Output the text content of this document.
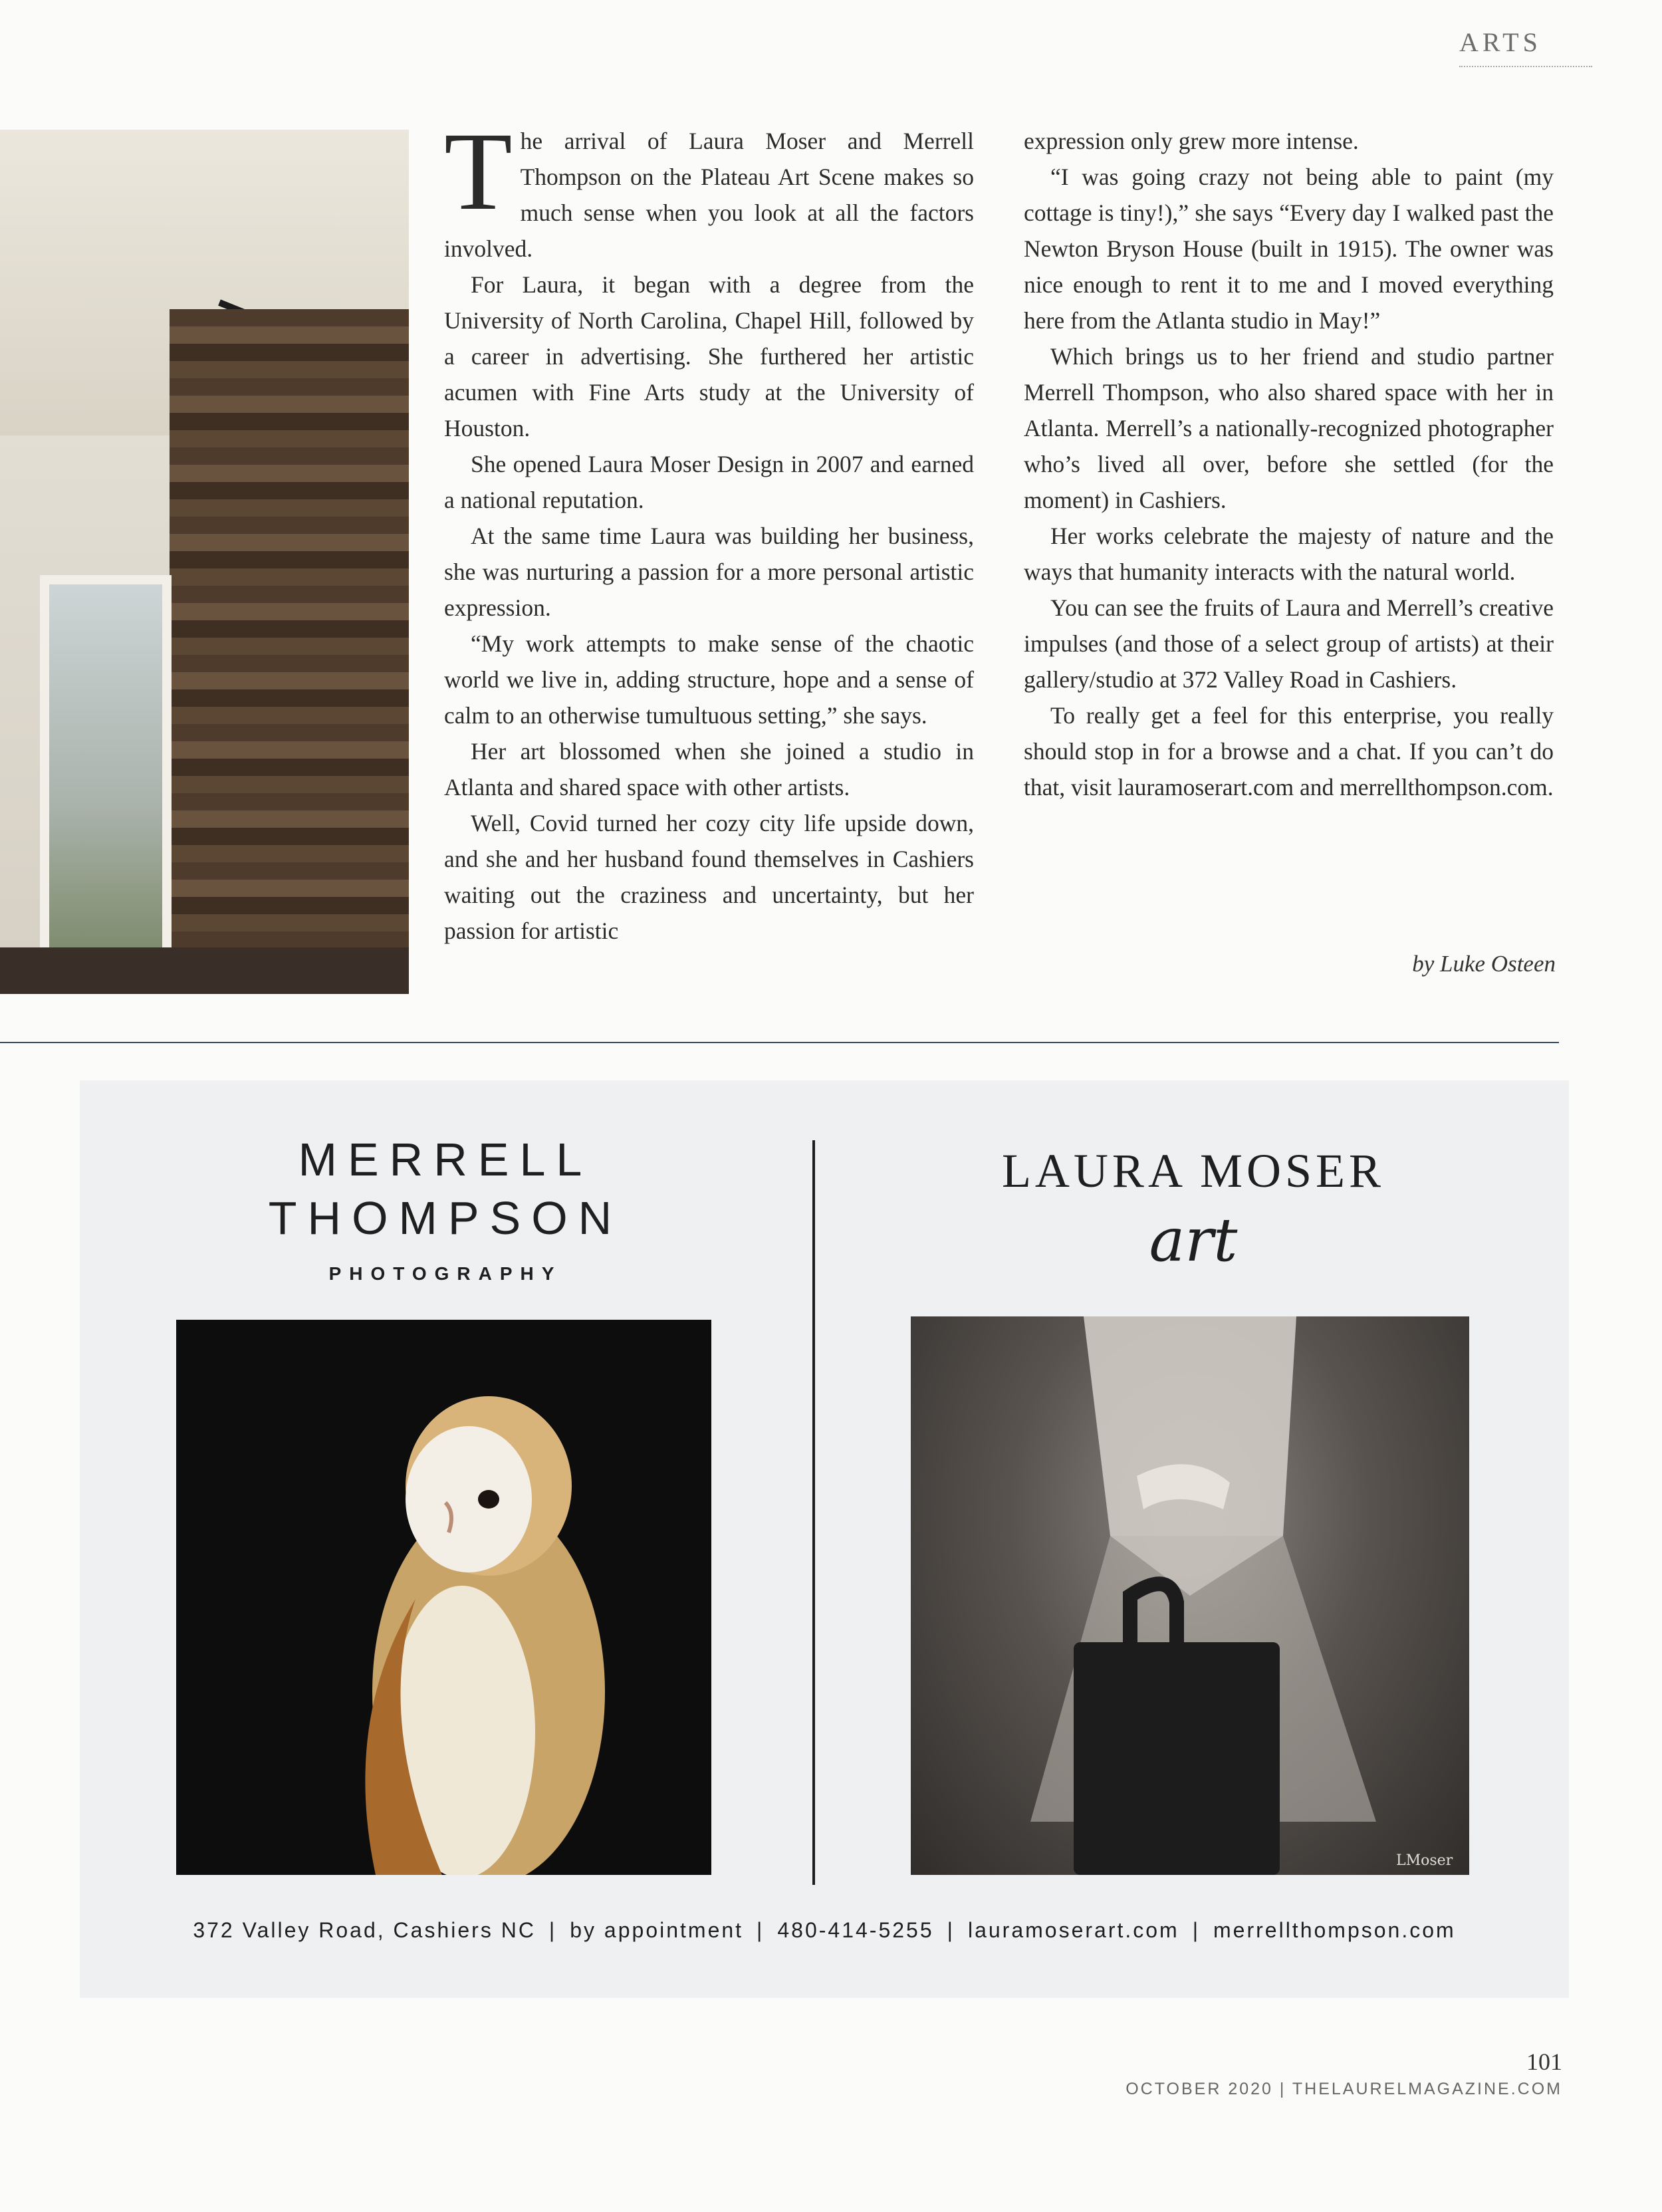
ARTS

The arrival of Laura Moser and Merrell Thompson on the Plateau Art Scene makes so much sense when you look at all the factors involved.

For Laura, it began with a degree from the University of North Carolina, Chapel Hill, followed by a career in advertising. She furthered her artistic acumen with Fine Arts study at the University of Houston.

She opened Laura Moser Design in 2007 and earned a national reputation.

At the same time Laura was building her business, she was nurturing a passion for a more personal artistic expression.

“My work attempts to make sense of the chaotic world we live in, adding structure, hope and a sense of calm to an otherwise tumultuous setting,” she says.

Her art blossomed when she joined a studio in Atlanta and shared space with other artists.

Well, Covid turned her cozy city life upside down, and she and her husband found themselves in Cashiers waiting out the craziness and uncertainty, but her passion for artistic

expression only grew more intense.

“I was going crazy not being able to paint (my cottage is tiny!),” she says “Every day I walked past the Newton Bryson House (built in 1915). The owner was nice enough to rent it to me and I moved everything here from the Atlanta studio in May!”

Which brings us to her friend and studio partner Merrell Thompson, who also shared space with her in Atlanta. Merrell’s a nationally-recognized photographer who’s lived all over, before she settled (for the moment) in Cashiers.

Her works celebrate the majesty of nature and the ways that humanity interacts with the natural world.

You can see the fruits of Laura and Merrell’s creative impulses (and those of a select group of artists) at their gallery/studio at 372 Valley Road in Cashiers.

To really get a feel for this enterprise, you really should stop in for a browse and a chat. If you can’t do that, visit lauramoserart.com and merrellthompson.com.

by Luke Osteen
MERRELL
THOMPSON
PHOTOGRAPHY
LAURA MOSER
art
LMoser
372 Valley Road, Cashiers NC | by appointment | 480-414-5255 | lauramoserart.com | merrellthompson.com
101
OCTOBER 2020 | THELAURELMAGAZINE.COM
